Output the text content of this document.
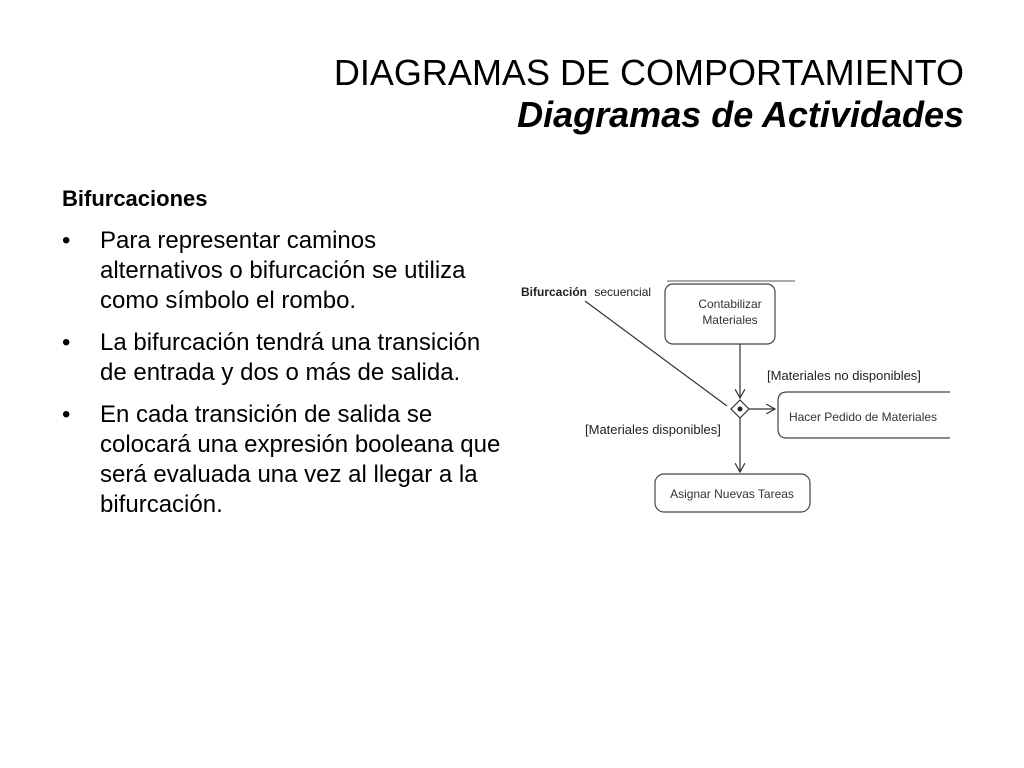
DIAGRAMAS DE COMPORTAMIENTO
Diagramas de Actividades
Bifurcaciones
•	Para representar caminos alternativos o bifurcación se utiliza como símbolo el rombo.
•	La bifurcación tendrá una transición de entrada y dos o más de salida.
•	En cada transición de salida se colocará una expresión booleana que será evaluada una vez al llegar a la bifurcación.
Bifurcación secuencial
Contabilizar
Materiales
[Materiales no disponibles]
Hacer Pedido de Materiales
[Materiales disponibles]
Asignar Nuevas Tareas
